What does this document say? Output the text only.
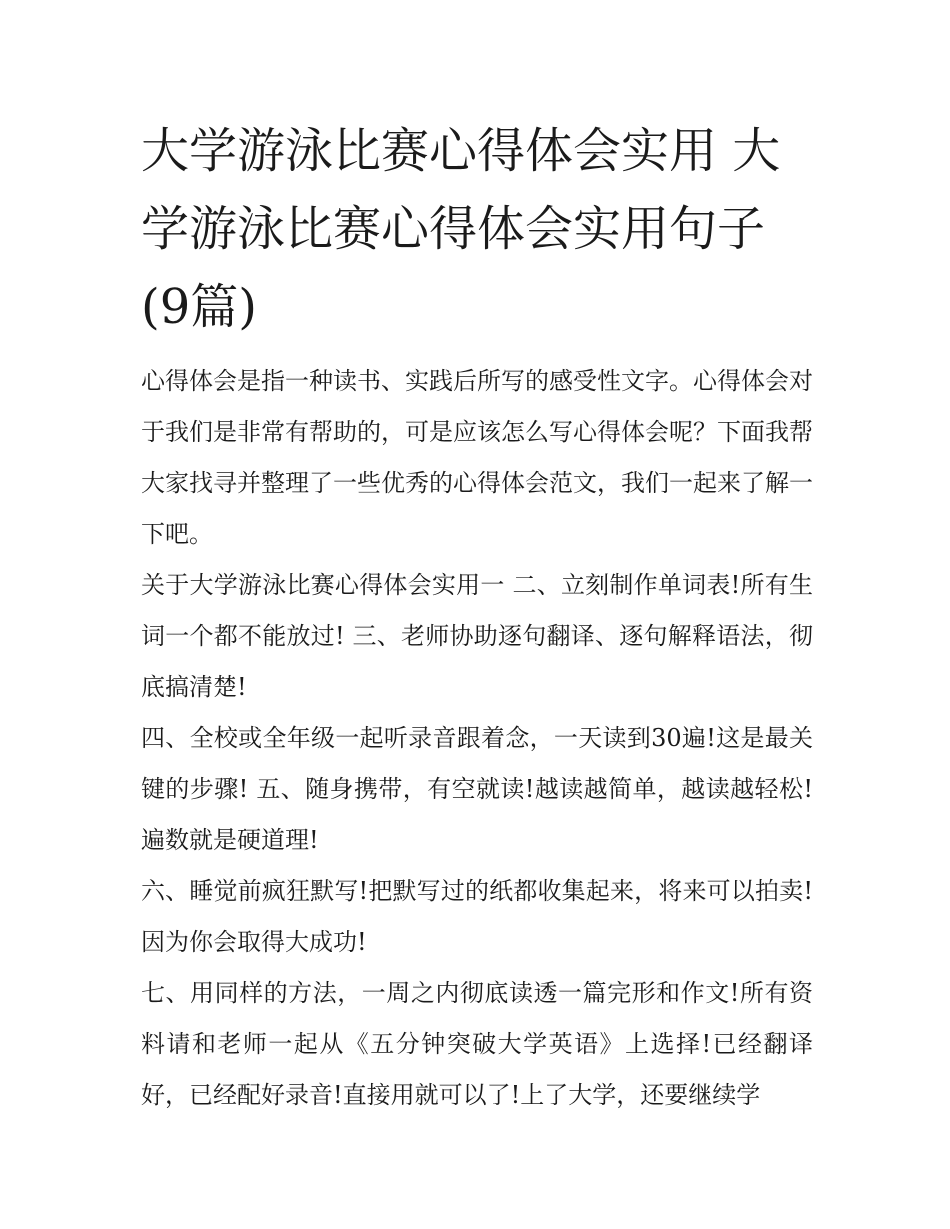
大学游泳比赛心得体会实用 大学游泳比赛心得体会实用句子(9篇)

心得体会是指一种读书、实践后所写的感受性文字。心得体会对于我们是非常有帮助的，可是应该怎么写心得体会呢？下面我帮大家找寻并整理了一些优秀的心得体会范文，我们一起来了解一下吧。

关于大学游泳比赛心得体会实用一 二、立刻制作单词表!所有生词一个都不能放过! 三、老师协助逐句翻译、逐句解释语法，彻底搞清楚!

四、全校或全年级一起听录音跟着念，一天读到30遍!这是最关键的步骤! 五、随身携带，有空就读!越读越简单，越读越轻松!遍数就是硬道理!

六、睡觉前疯狂默写!把默写过的纸都收集起来，将来可以拍卖!因为你会取得大成功!

七、用同样的方法，一周之内彻底读透一篇完形和作文!所有资料请和老师一起从《五分钟突破大学英语》上选择!已经翻译好，已经配好录音!直接用就可以了!上了大学，还要继续学
